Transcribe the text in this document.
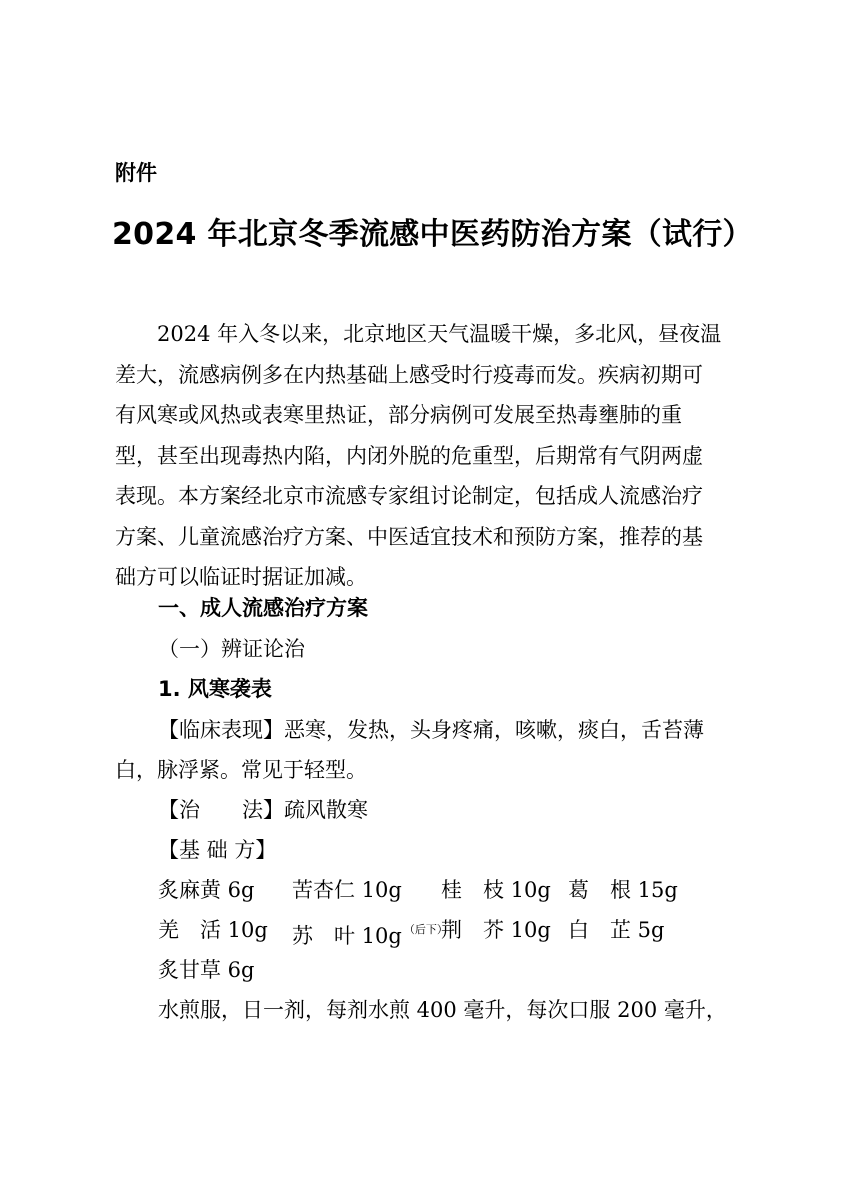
附件
2024 年北京冬季流感中医药防治方案（试行）
　　2024 年入冬以来，北京地区天气温暖干燥，多北风，昼夜温
差大，流感病例多在内热基础上感受时行疫毒而发。疾病初期可
有风寒或风热或表寒里热证，部分病例可发展至热毒壅肺的重
型，甚至出现毒热内陷，内闭外脱的危重型，后期常有气阴两虚
表现。本方案经北京市流感专家组讨论制定，包括成人流感治疗
方案、儿童流感治疗方案、中医适宜技术和预防方案，推荐的基
础方可以临证时据证加减。
一、成人流感治疗方案
（一）辨证论治
1. 风寒袭表
【临床表现】恶寒，发热，头身疼痛，咳嗽，痰白，舌苔薄
白，脉浮紧。常见于轻型。
【治　　法】疏风散寒
【基 础 方】
炙麻黄 6g 苦杏仁 10g 桂　枝 10g 葛　根 15g
羌　活 10g 苏　叶 10g $^{(后下)}$
荆　芥 10g 白　芷 5g
炙甘草 6g
水煎服，日一剂，每剂水煎 400 毫升，每次口服 200 毫升，
